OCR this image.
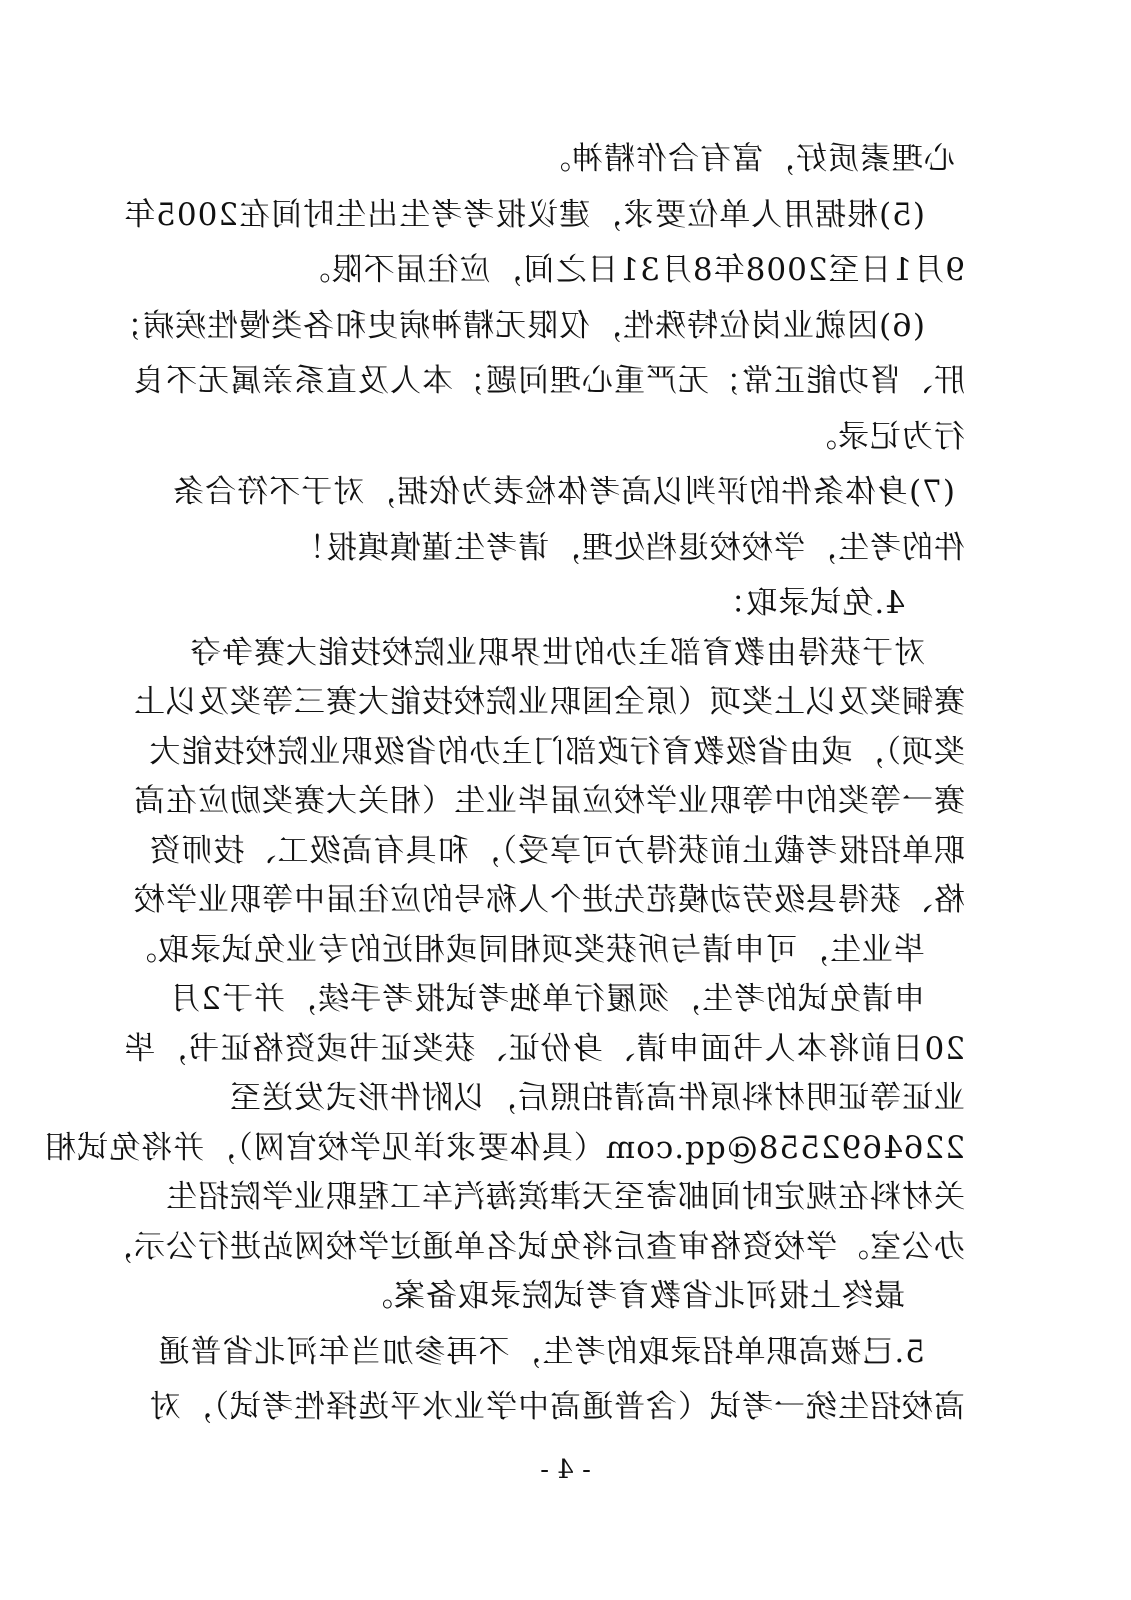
心理素质好，富有合作精神。
(5)根据用人单位要求，建议报考考生出生时间在2005年
9月1日至2008年8月31日之间，应往届不限。
(6)因就业岗位特殊性，仅限无精神病史和各类慢性疾病；
肝、肾功能正常；无严重心理问题；本人及直系亲属无不良
行为记录。
(7)身体条件的评判以高考体检表为依据，对于不符合条
件的考生，学校校退档处理，请考生谨慎填报！
4.免试录取：
对于获得由教育部主办的世界职业院校技能大赛争夺
赛铜奖及以上奖项（原全国职业院校技能大赛三等奖及以上
奖项），或由省级教育行政部门主办的省级职业院校技能大
赛一等奖的中等职业学校应届毕业生（相关大赛奖励应在高
职单招报考截止前获得方可享受），和具有高级工、技师资
格、获得县级劳动模范先进个人称号的应往届中等职业学校
毕业生，可申请与所获奖项相同或相近的专业免试录取。
申请免试的考生，须履行单独考试报考手续，并于2月
20日前将本人书面申请、身份证、获奖证书或资格证书，毕
业证等证明材料原件高清拍照后，以附件形式发送至
2264692558@qq.com（具体要求详见学校官网），并将免试相
关材料在规定时间邮寄至天津滨海汽车工程职业学院招生
办公室。学校资格审查后将免试名单通过学校网站进行公示，
最终上报河北省教育考试院录取备案。
5.已被高职单招录取的考生，不再参加当年河北省普通
高校招生统一考试（含普通高中学业水平选择性考试），对
- 4 -
